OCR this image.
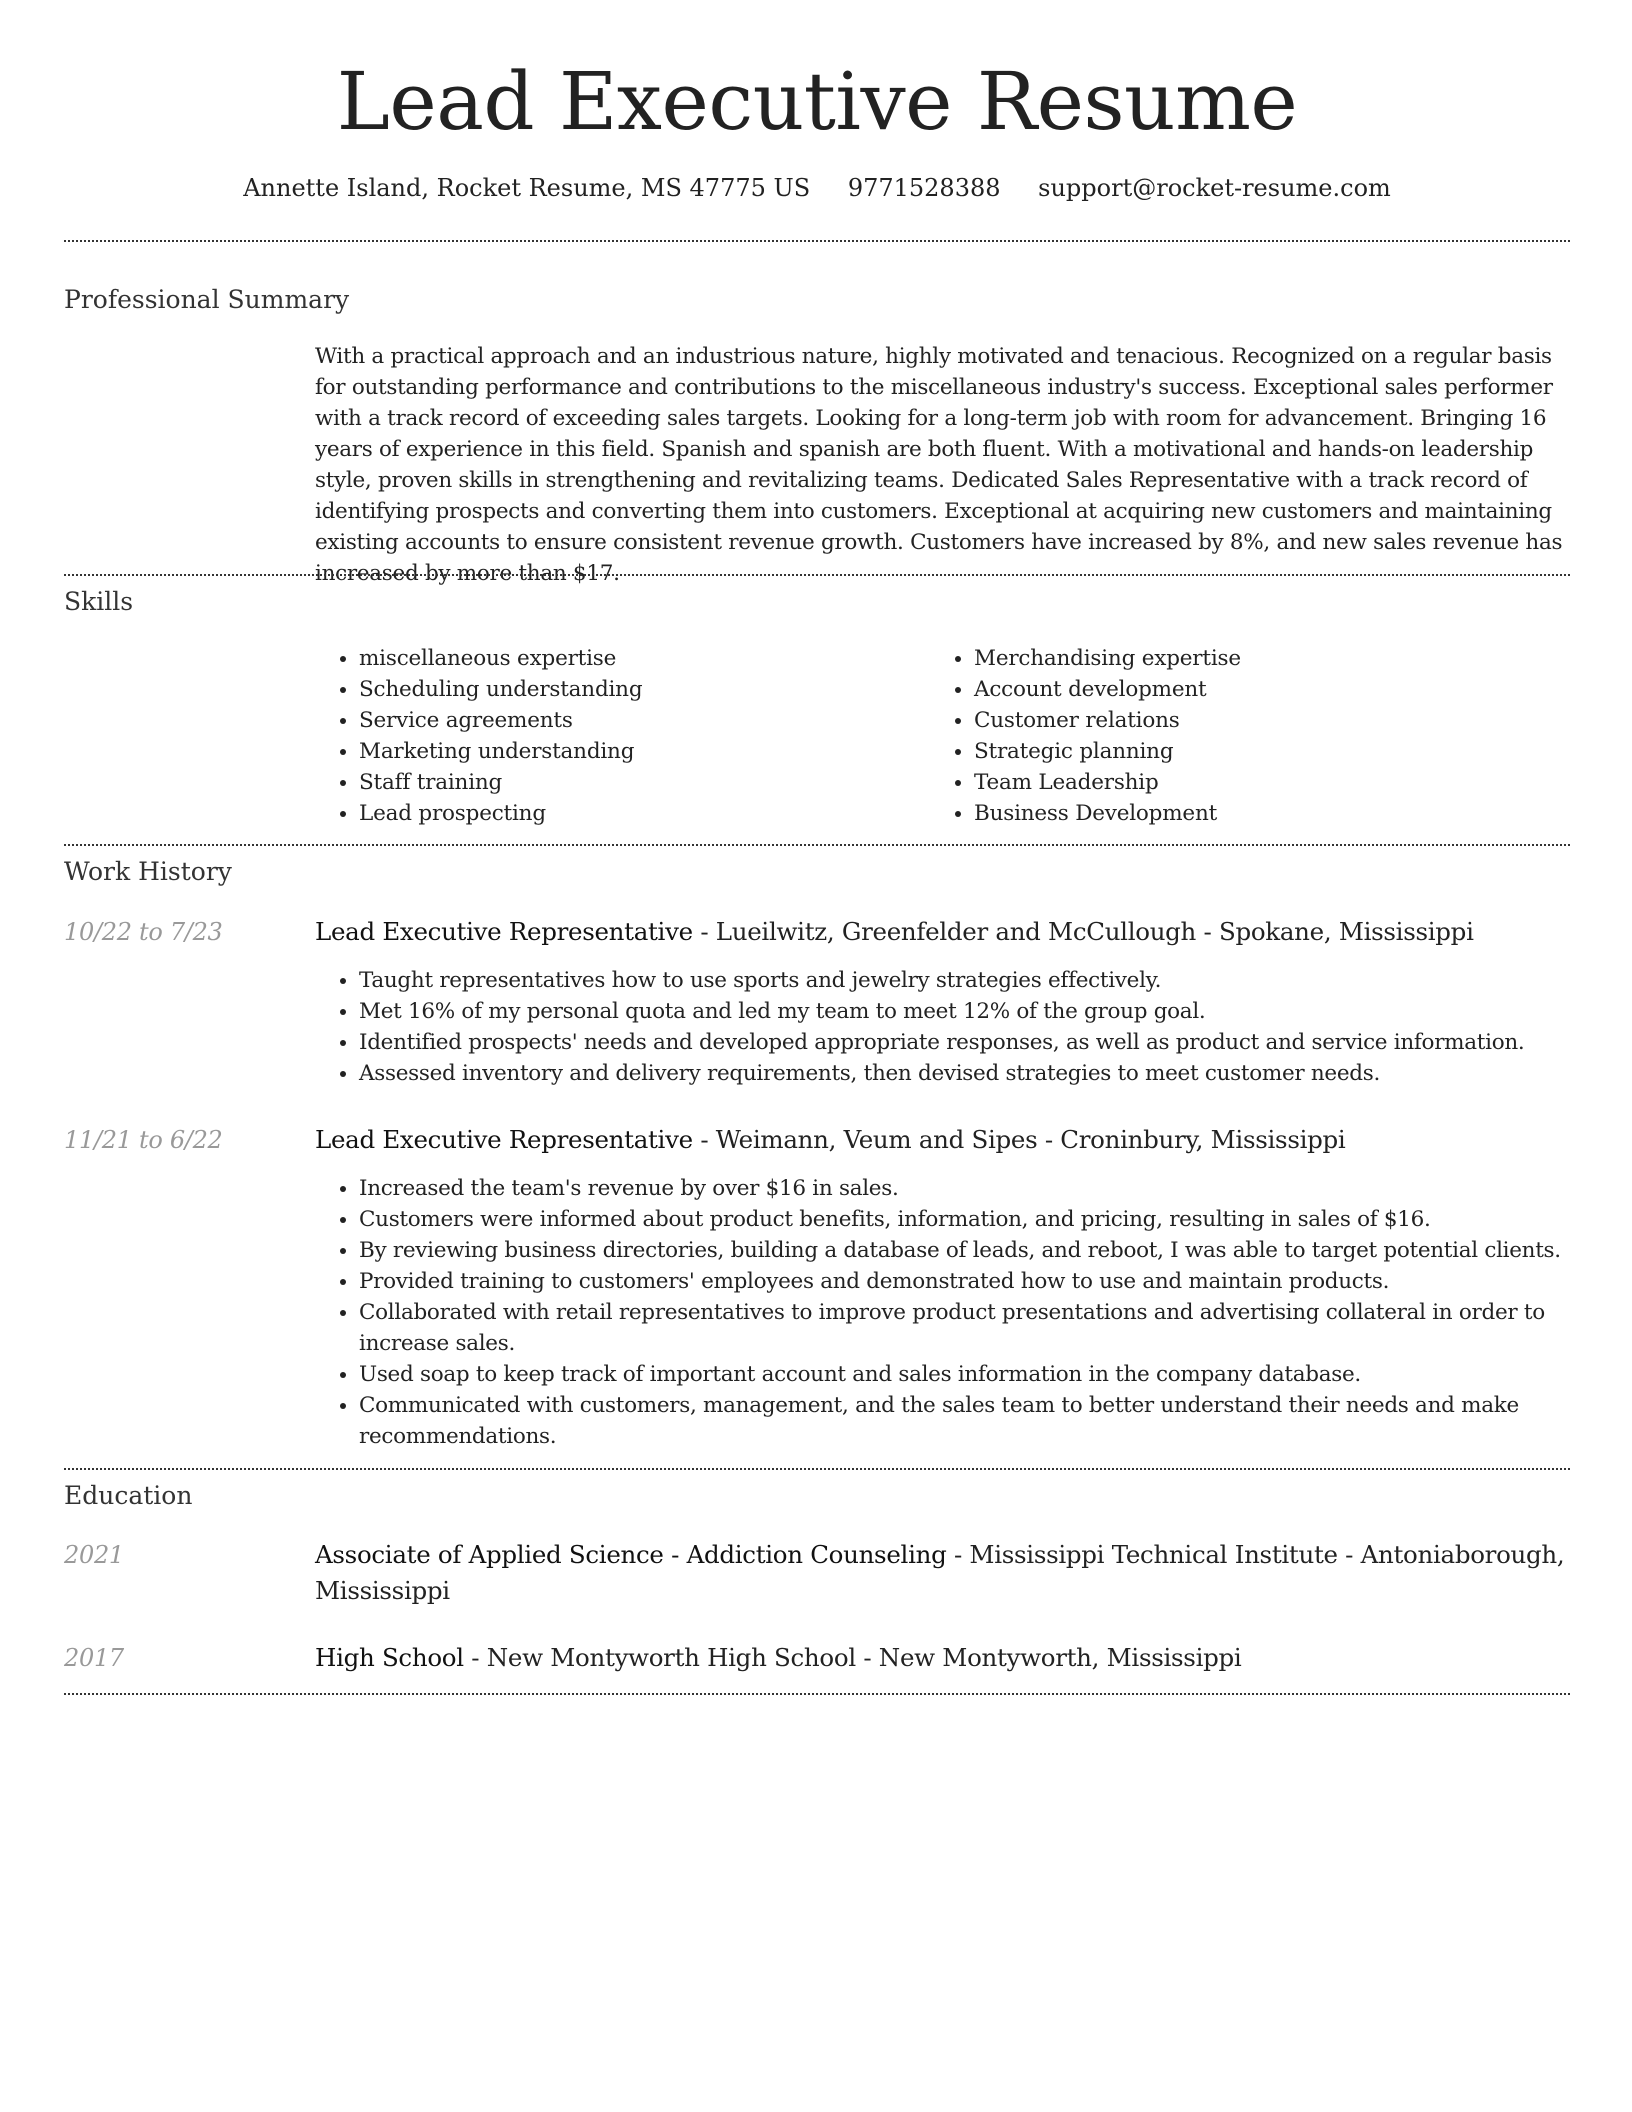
Lead Executive Resume
Annette Island, Rocket Resume, MS 47775 US 9771528388 support@rocket-resume.com
Professional Summary
With a practical approach and an industrious nature, highly motivated and tenacious. Recognized on a regular basis for outstanding performance and contributions to the miscellaneous industry's success. Exceptional sales performer with a track record of exceeding sales targets. Looking for a long-term job with room for advancement. Bringing 16 years of experience in this field. Spanish and spanish are both fluent. With a motivational and hands-on leadership style, proven skills in strengthening and revitalizing teams. Dedicated Sales Representative with a track record of identifying prospects and converting them into customers. Exceptional at acquiring new customers and maintaining existing accounts to ensure consistent revenue growth. Customers have increased by 8%, and new sales revenue has increased by more than $17.
Skills
• miscellaneous expertise
• Scheduling understanding
• Service agreements
• Marketing understanding
• Staff training
• Lead prospecting
• Merchandising expertise
• Account development
• Customer relations
• Strategic planning
• Team Leadership
• Business Development
Work History
10/22 to 7/23	Lead Executive Representative - Lueilwitz, Greenfelder and McCullough - Spokane, Mississippi
• Taught representatives how to use sports and jewelry strategies effectively.
• Met 16% of my personal quota and led my team to meet 12% of the group goal.
• Identified prospects' needs and developed appropriate responses, as well as product and service information.
• Assessed inventory and delivery requirements, then devised strategies to meet customer needs.
11/21 to 6/22	Lead Executive Representative - Weimann, Veum and Sipes - Croninbury, Mississippi
• Increased the team's revenue by over $16 in sales.
• Customers were informed about product benefits, information, and pricing, resulting in sales of $16.
• By reviewing business directories, building a database of leads, and reboot, I was able to target potential clients.
• Provided training to customers' employees and demonstrated how to use and maintain products.
• Collaborated with retail representatives to improve product presentations and advertising collateral in order to increase sales.
• Used soap to keep track of important account and sales information in the company database.
• Communicated with customers, management, and the sales team to better understand their needs and make recommendations.
Education
2021	Associate of Applied Science - Addiction Counseling - Mississippi Technical Institute - Antoniaborough, Mississippi
2017	High School - New Montyworth High School - New Montyworth, Mississippi
